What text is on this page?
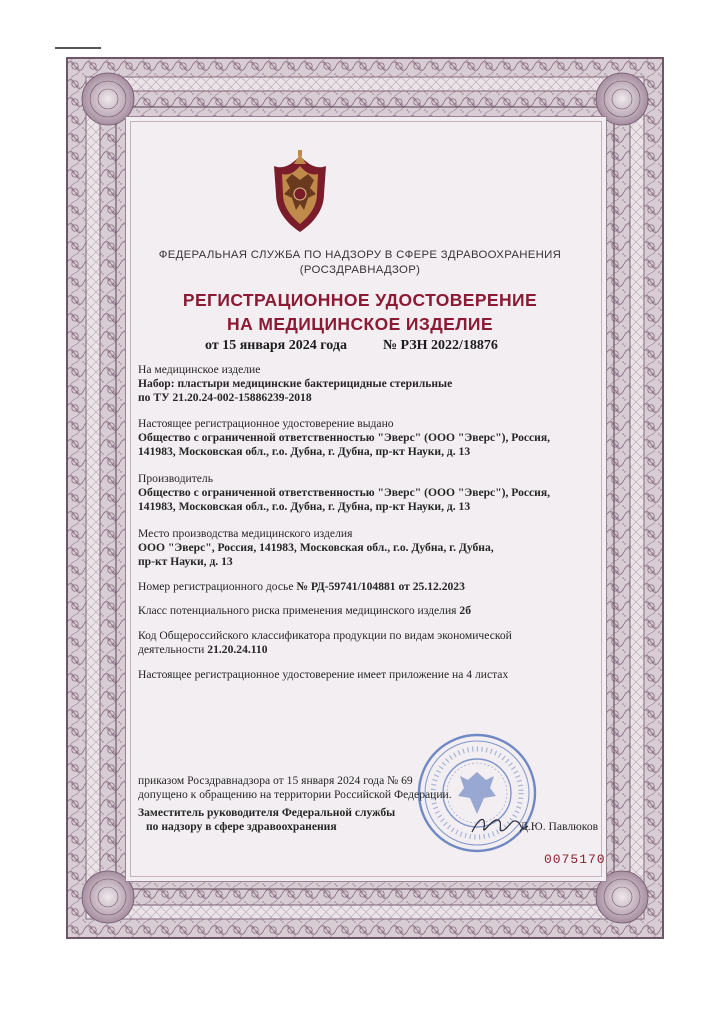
ФЕДЕРАЛЬНАЯ СЛУЖБА ПО НАДЗОРУ В СФЕРЕ ЗДРАВООХРАНЕНИЯ
(РОСЗДРАВНАДЗОР)
РЕГИСТРАЦИОННОЕ УДОСТОВЕРЕНИЕ
НА МЕДИЦИНСКОЕ ИЗДЕЛИЕ
от 15 января 2024 года	№ РЗН 2022/18876
На медицинское изделие
Набор: пластыри медицинские бактерицидные стерильные
по ТУ 21.20.24-002-15886239-2018
Настоящее регистрационное удостоверение выдано
Общество с ограниченной ответственностью "Эверс" (ООО "Эверс"), Россия,
141983, Московская обл., г.о. Дубна, г. Дубна, пр-кт Науки, д. 13
Производитель
Общество с ограниченной ответственностью "Эверс" (ООО "Эверс"), Россия,
141983, Московская обл., г.о. Дубна, г. Дубна, пр-кт Науки, д. 13
Место производства медицинского изделия
ООО "Эверс", Россия, 141983, Московская обл., г.о. Дубна, г. Дубна,
пр-кт Науки, д. 13
Номер регистрационного досье № РД-59741/104881 от 25.12.2023
Класс потенциального риска применения медицинского изделия 2б
Код Общероссийского классификатора продукции по видам экономической
деятельности 21.20.24.110
Настоящее регистрационное удостоверение имеет приложение на 4 листах
приказом Росздравнадзора от 15 января 2024 года № 69
допущено к обращению на территории Российской Федерации.
Заместитель руководителя Федеральной службы
по надзору в сфере здравоохранения	Д.Ю. Павлюков
0075170
